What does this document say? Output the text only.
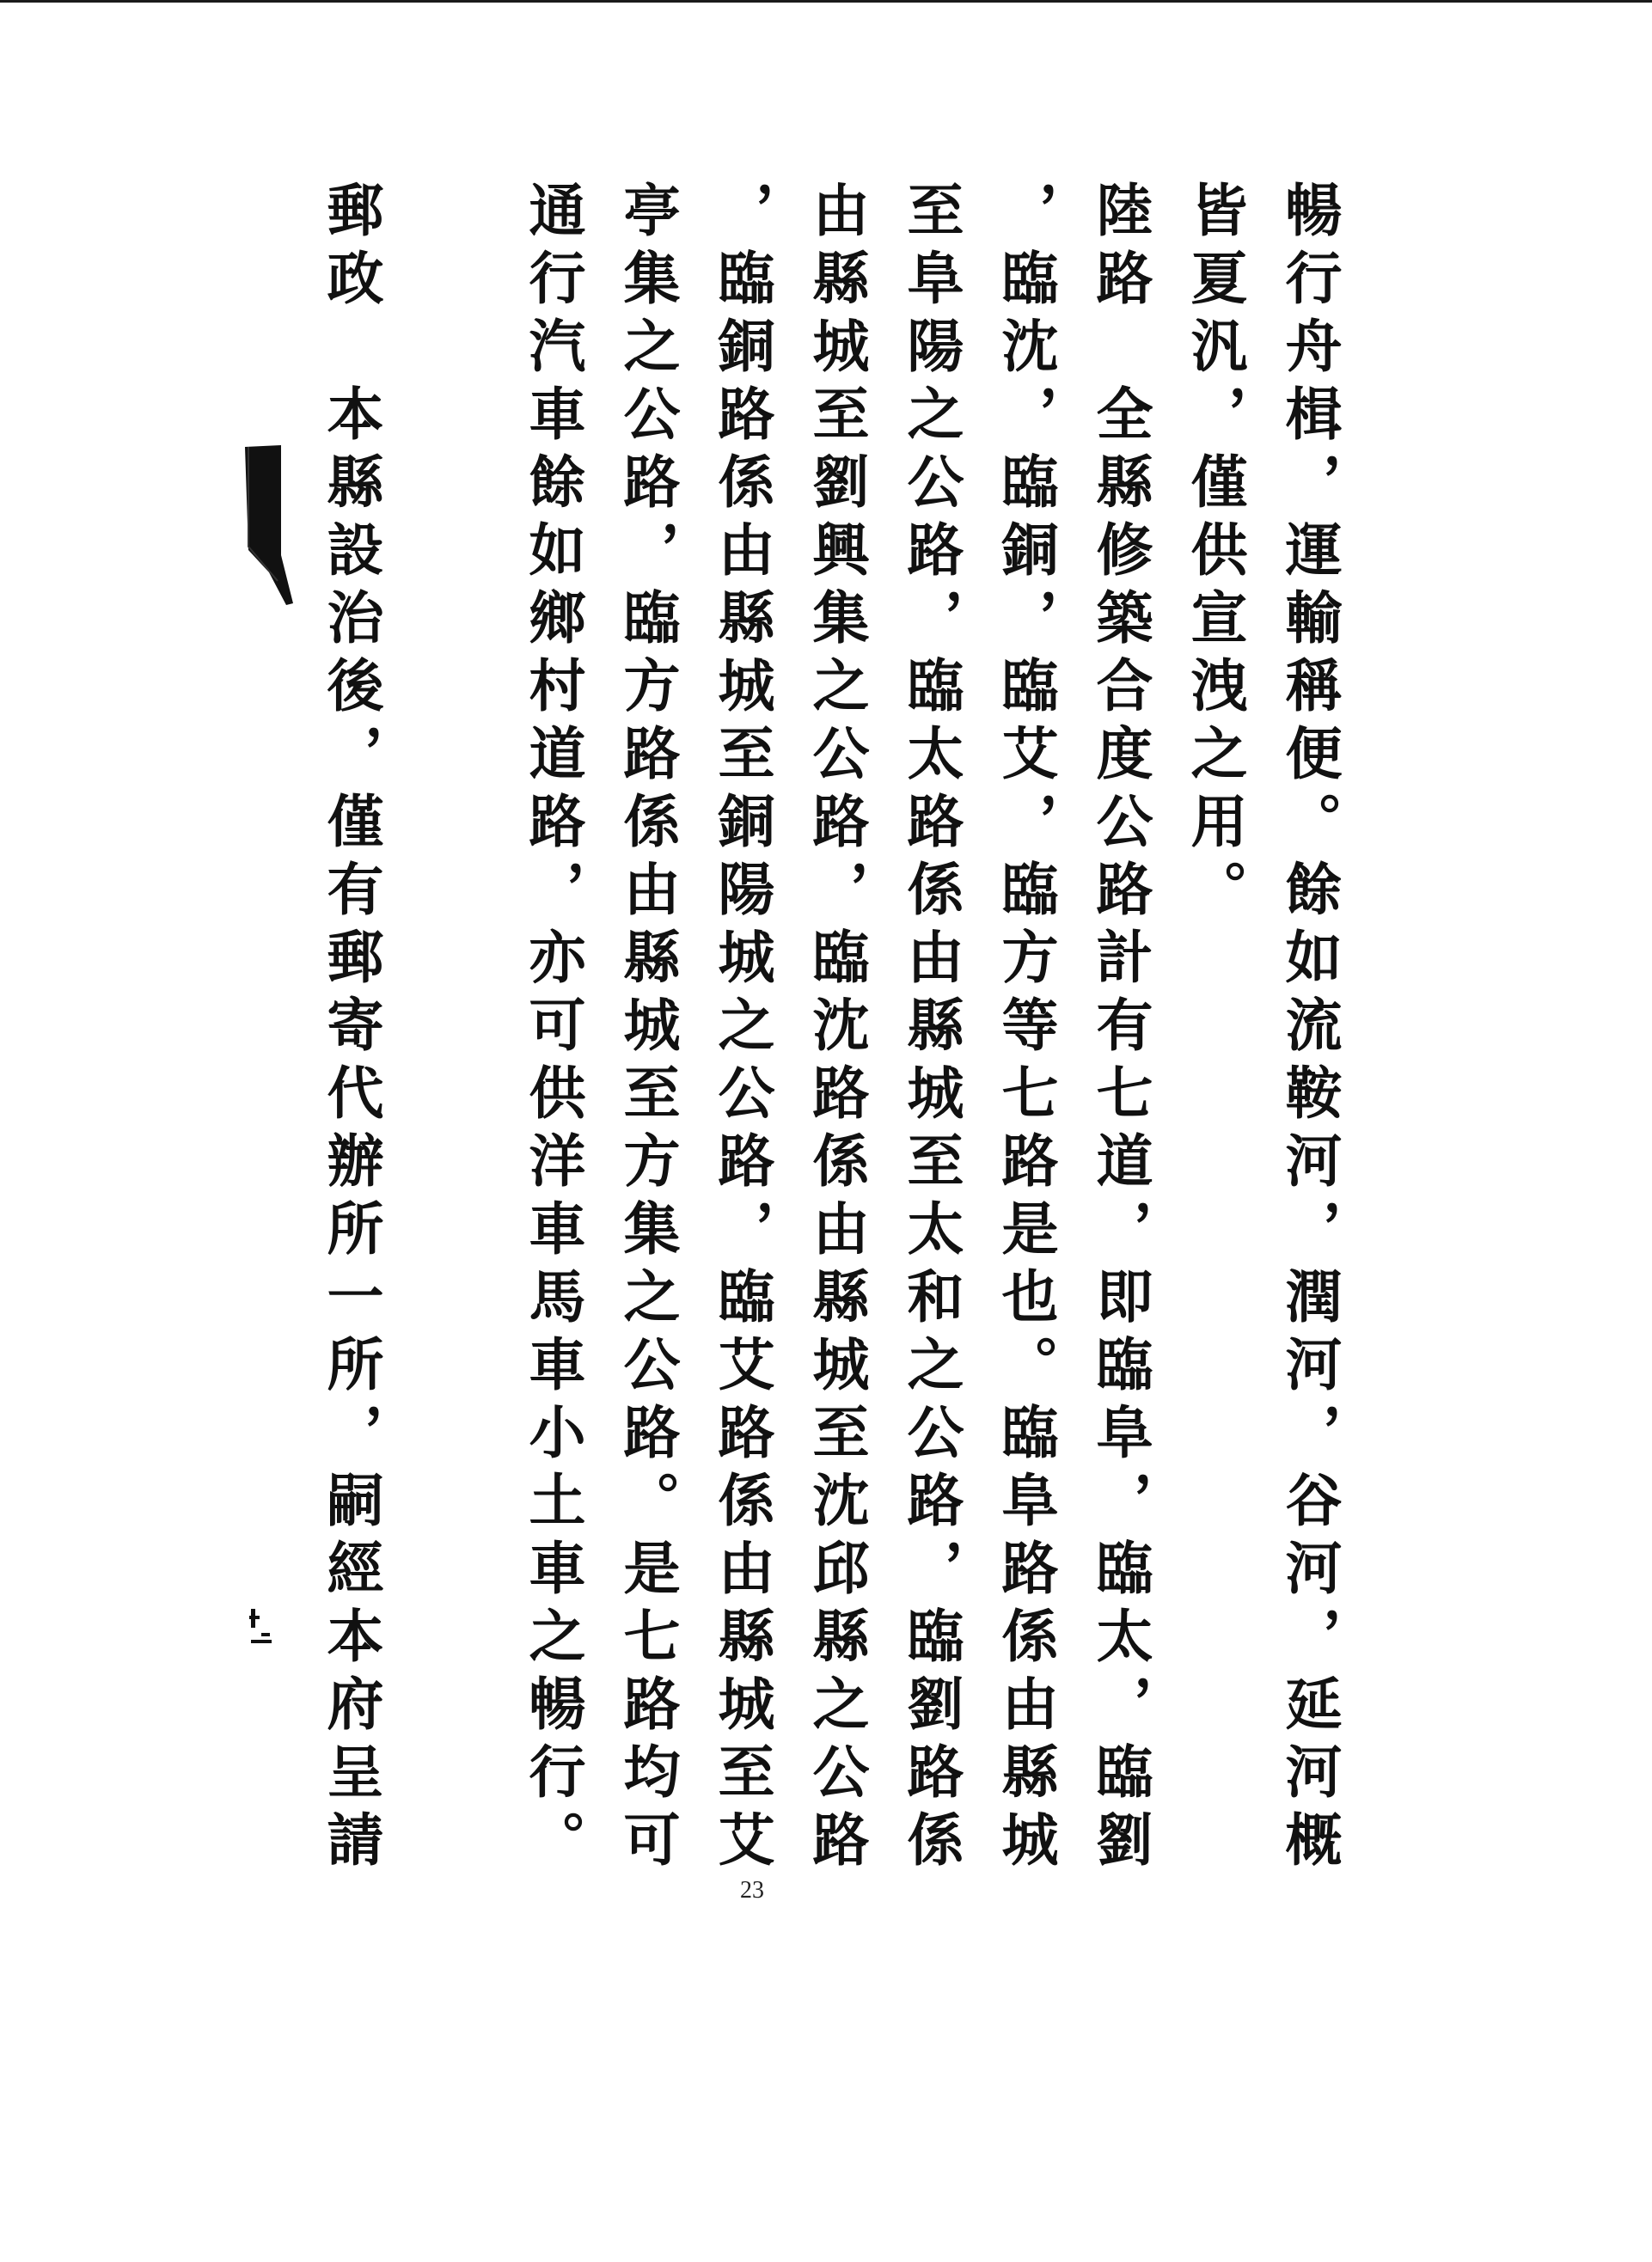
暢行舟楫，運輸稱便。餘如流鞍河，潤河，谷河，延河概
皆夏汎，僅供宣洩之用。
陸路　全縣修築合度公路計有七道，即臨阜，臨太，臨劉
，臨沈，臨銅，臨艾，臨方等七路是也。臨阜路係由縣城
至阜陽之公路，臨太路係由縣城至太和之公路，臨劉路係
由縣城至劉興集之公路，臨沈路係由縣城至沈邱縣之公路
，臨銅路係由縣城至銅陽城之公路，臨艾路係由縣城至艾
亭集之公路，臨方路係由縣城至方集之公路。是七路均可
通行汽車餘如鄉村道路，亦可供洋車馬車小土車之暢行。
郵政　本縣設治後，僅有郵寄代辦所一所，嗣經本府呈請
23
